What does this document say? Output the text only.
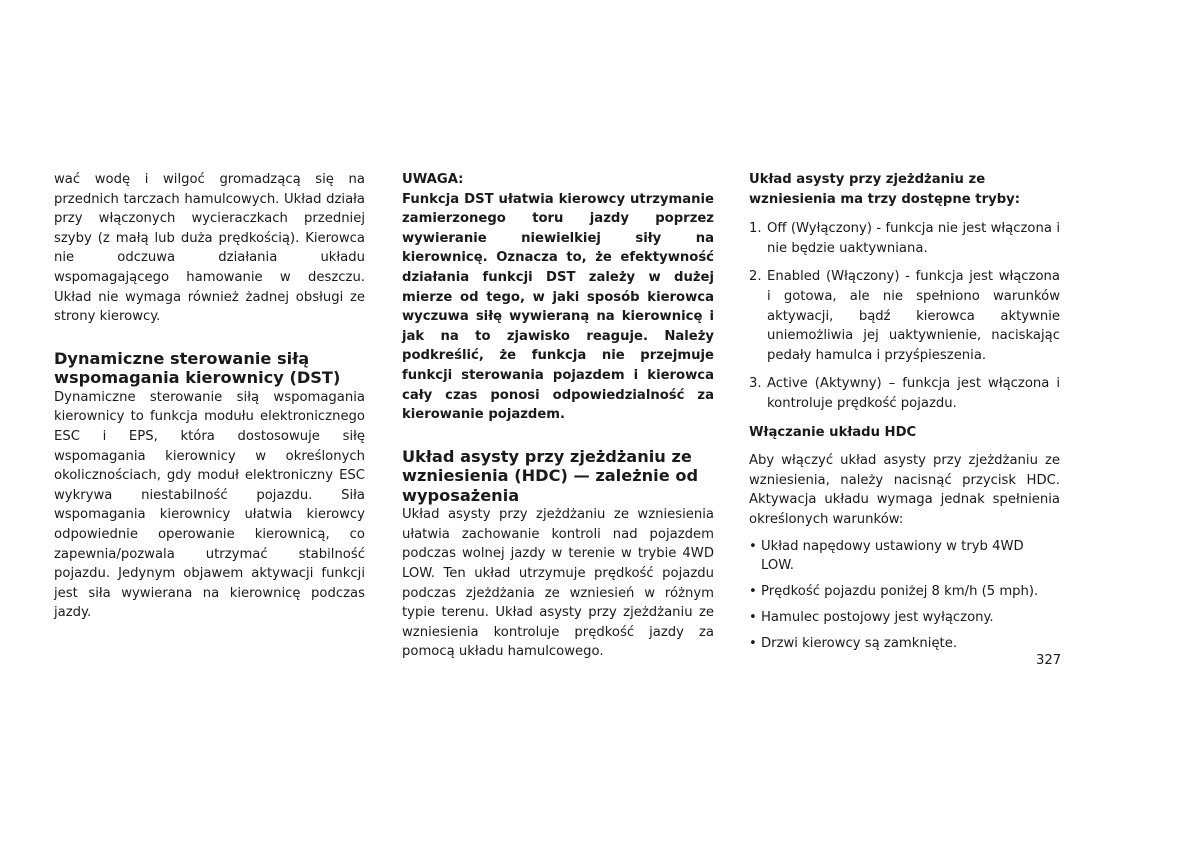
wać wodę i wilgoć gromadzącą się na przednich tarczach hamulcowych. Układ działa przy włączonych wycieraczkach przedniej szyby (z małą lub duża prędkością). Kierowca nie odczuwa działania układu wspomagającego hamowanie w deszczu. Układ nie wymaga również żadnej obsługi ze strony kierowcy.

Dynamiczne sterowanie siłą wspomagania kierownicy (DST)

Dynamiczne sterowanie siłą wspomagania kierownicy to funkcja modułu elektronicznego ESC i EPS, która dostosowuje siłę wspomagania kierownicy w określonych okolicznościach, gdy moduł elektroniczny ESC wykrywa niestabilność pojazdu. Siła wspomagania kierownicy ułatwia kierowcy odpowiednie operowanie kierownicą, co zapewnia/pozwala utrzymać stabilność pojazdu. Jedynym objawem aktywacji funkcji jest siła wywierana na kierownicę podczas jazdy.

UWAGA:

Funkcja DST ułatwia kierowcy utrzymanie zamierzonego toru jazdy poprzez wywieranie niewielkiej siły na kierownicę. Oznacza to, że efektywność działania funkcji DST zależy w dużej mierze od tego, w jaki sposób kierowca wyczuwa siłę wywieraną na kierownicę i jak na to zjawisko reaguje. Należy podkreślić, że funkcja nie przejmuje funkcji sterowania pojazdem i kierowca cały czas ponosi odpowiedzialność za kierowanie pojazdem.

Układ asysty przy zjeżdżaniu ze wzniesienia (HDC) — zależnie od wyposażenia

Układ asysty przy zjeżdżaniu ze wzniesienia ułatwia zachowanie kontroli nad pojazdem podczas wolnej jazdy w terenie w trybie 4WD LOW. Ten układ utrzymuje prędkość pojazdu podczas zjeżdżania ze wzniesień w różnym typie terenu. Układ asysty przy zjeżdżaniu ze wzniesienia kontroluje prędkość jazdy za pomocą układu hamulcowego.

Układ asysty przy zjeżdżaniu ze wzniesienia ma trzy dostępne tryby:
1. Off (Wyłączony) - funkcja nie jest włączona i nie będzie uaktywniana.
2. Enabled (Włączony) - funkcja jest włączona i gotowa, ale nie spełniono warunków aktywacji, bądź kierowca aktywnie uniemożliwia jej uaktywnienie, naciskając pedały hamulca i przyśpieszenia.
3. Active (Aktywny) – funkcja jest włączona i kontroluje prędkość pojazdu.
Włączanie układu HDC

Aby włączyć układ asysty przy zjeżdżaniu ze wzniesienia, należy nacisnąć przycisk HDC. Aktywacja układu wymaga jednak spełnienia określonych warunków:

• Układ napędowy ustawiony w tryb 4WD LOW.
• Prędkość pojazdu poniżej 8 km/h (5 mph).
• Hamulec postojowy jest wyłączony.
• Drzwi kierowcy są zamknięte.
327
